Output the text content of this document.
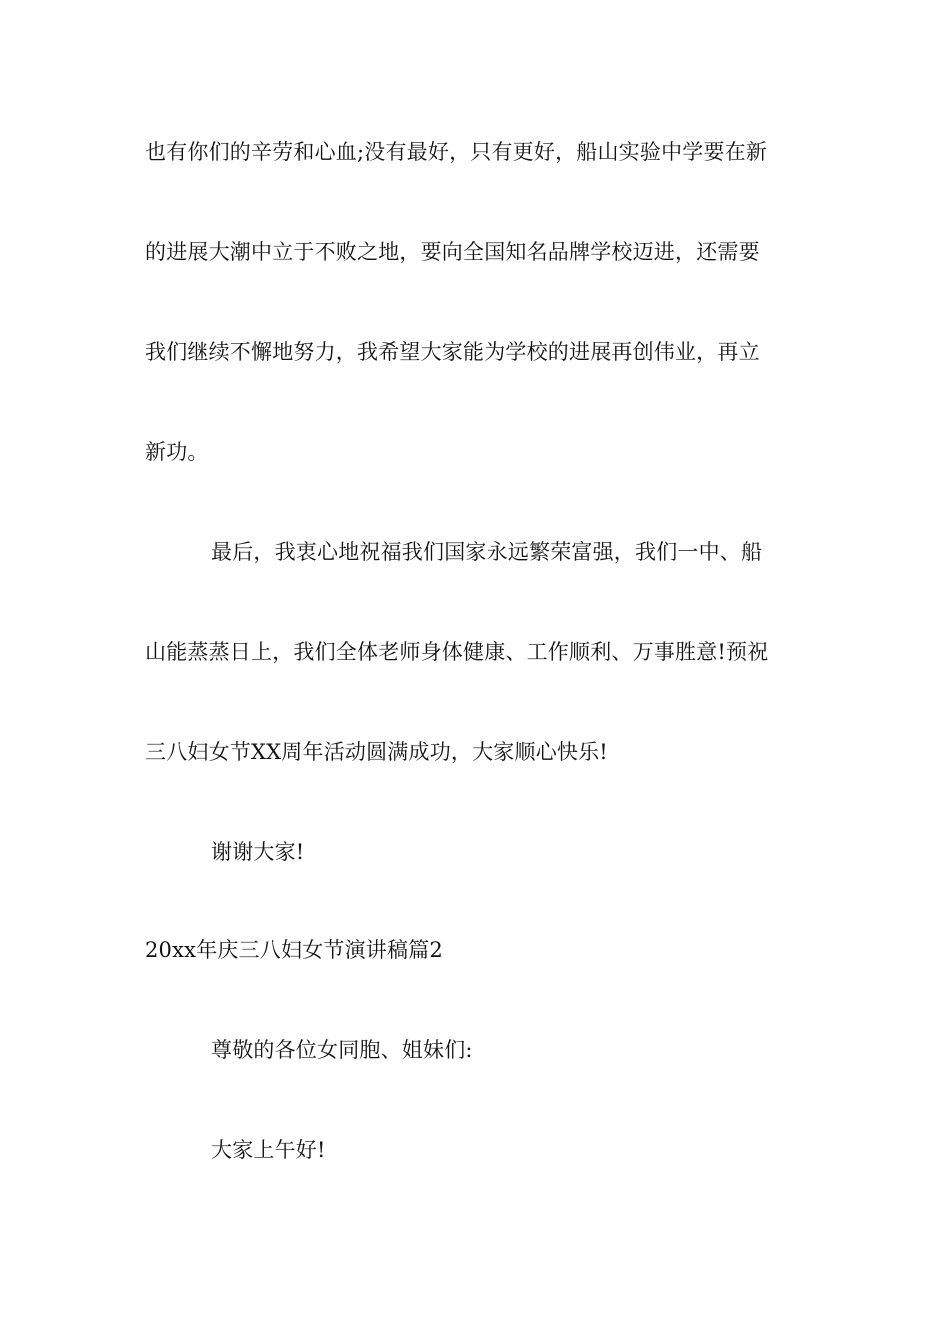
也有你们的辛劳和心血;没有最好，只有更好，船山实验中学要在新
的进展大潮中立于不败之地，要向全国知名品牌学校迈进，还需要
我们继续不懈地努力，我希望大家能为学校的进展再创伟业，再立
新功。
最后，我衷心地祝福我们国家永远繁荣富强，我们一中、船
山能蒸蒸日上，我们全体老师身体健康、工作顺利、万事胜意!预祝
三八妇女节XX周年活动圆满成功，大家顺心快乐!
谢谢大家!
20xx年庆三八妇女节演讲稿篇2
尊敬的各位女同胞、姐妹们:
大家上午好!
